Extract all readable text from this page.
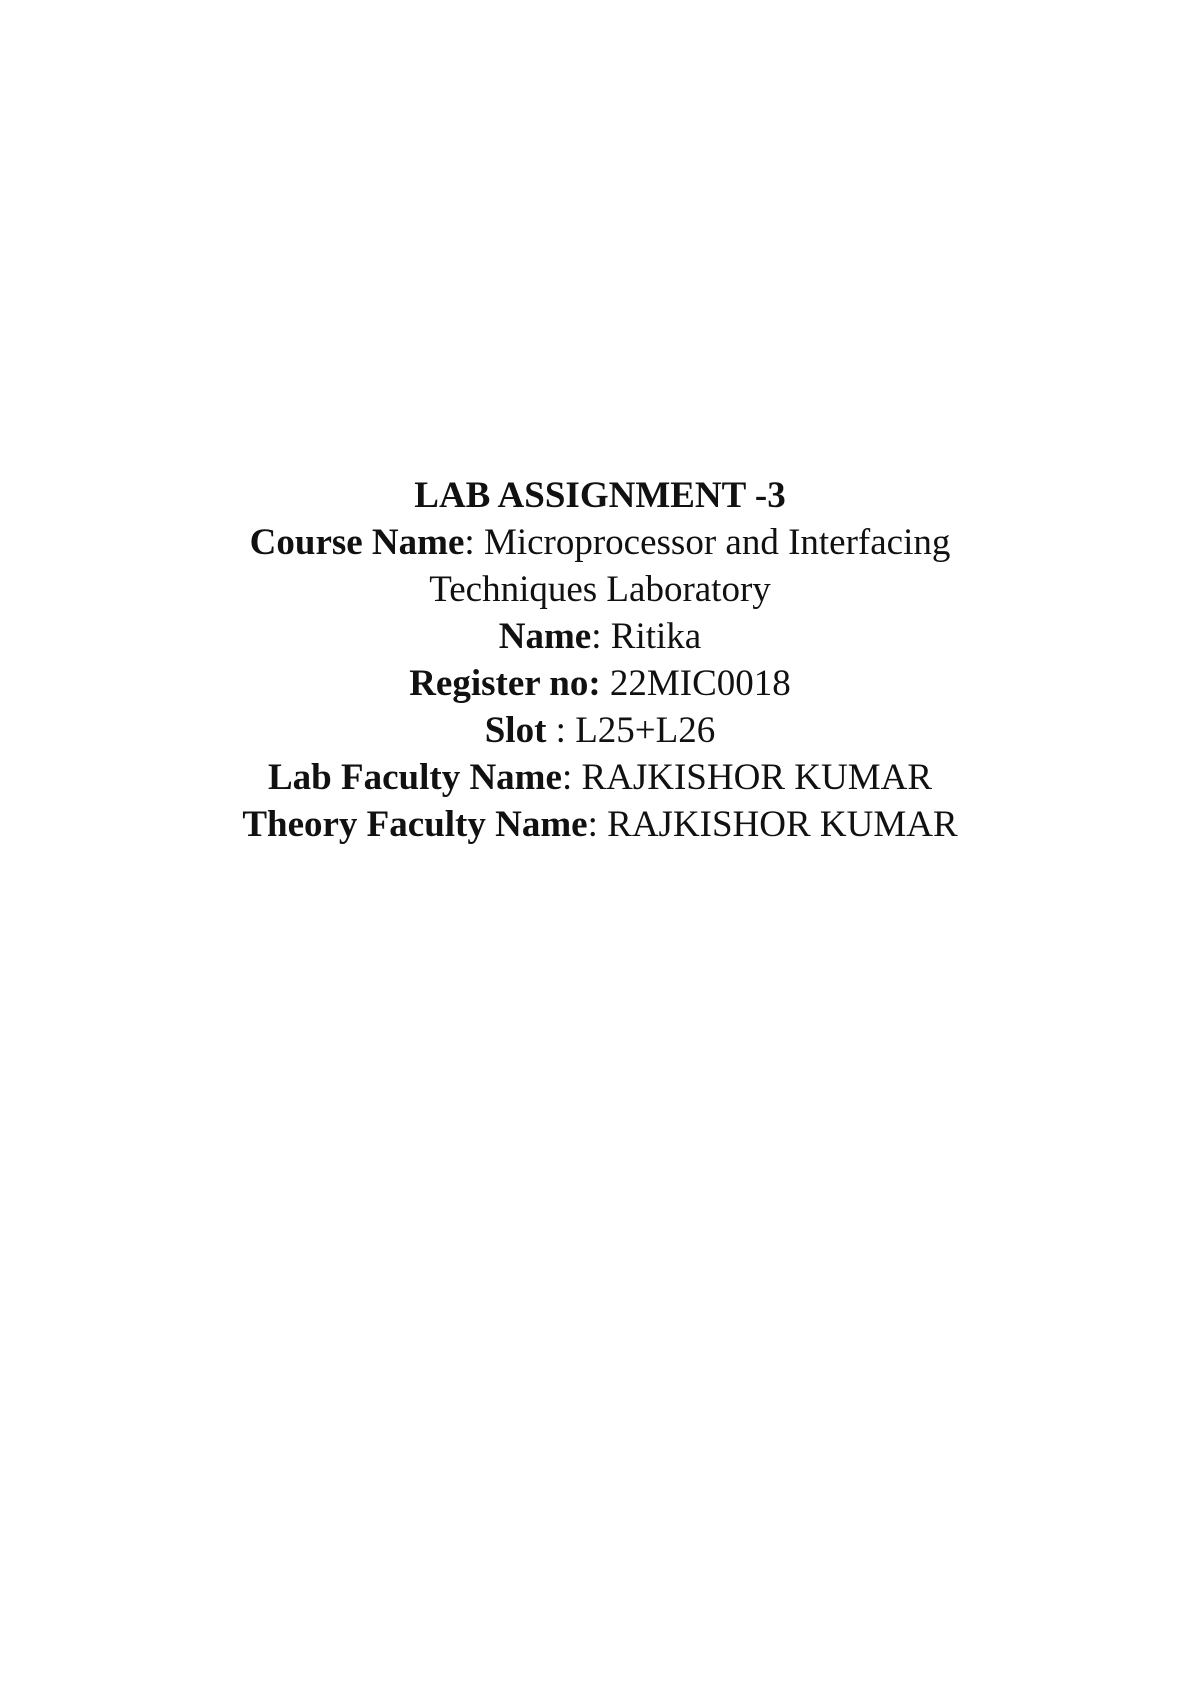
LAB ASSIGNMENT -3
Course Name: Microprocessor and Interfacing
Techniques Laboratory
Name: Ritika
Register no: 22MIC0018
Slot : L25+L26
Lab Faculty Name: RAJKISHOR KUMAR
Theory Faculty Name: RAJKISHOR KUMAR
